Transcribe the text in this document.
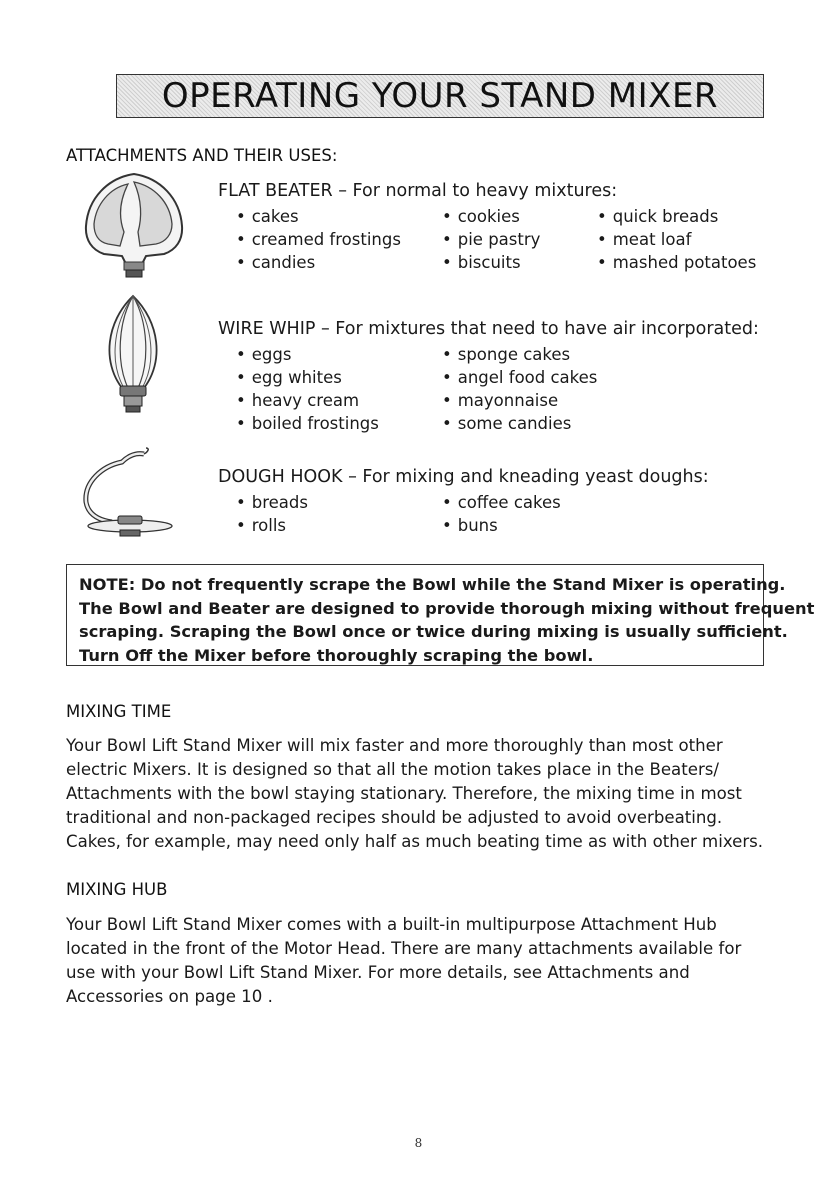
OPERATING YOUR STAND MIXER
ATTACHMENTS AND THEIR USES:
FLAT BEATER – For normal to heavy mixtures:
• cakes	• cookies	• quick breads
• creamed frostings	• pie pastry	• meat loaf
• candies	• biscuits	• mashed potatoes
WIRE WHIP – For mixtures that need to have air incorporated:
• eggs	• sponge cakes
• egg whites	• angel food cakes
• heavy cream	• mayonnaise
• boiled frostings	• some candies
DOUGH HOOK – For mixing and kneading yeast doughs:
• breads	• coffee cakes
• rolls	• buns
NOTE: Do not frequently scrape the Bowl while the Stand Mixer is operating.
The Bowl and Beater are designed to provide thorough mixing without frequent
scraping. Scraping the Bowl once or twice during mixing is usually sufficient.
Turn Off the Mixer before thoroughly scraping the bowl.
MIXING TIME
Your Bowl Lift Stand Mixer will mix faster and more thoroughly than most other
electric Mixers. It is designed so that all the motion takes place in the Beaters/
Attachments with the bowl staying stationary. Therefore, the mixing time in most
traditional and non-packaged recipes should be adjusted to avoid overbeating.
Cakes, for example, may need only half as much beating time as with other mixers.
MIXING HUB
Your Bowl Lift Stand Mixer comes with a built-in multipurpose Attachment Hub
located in the front of the Motor Head. There are many attachments available for
use with your Bowl Lift Stand Mixer. For more details, see Attachments and
Accessories on page 10 .
8
